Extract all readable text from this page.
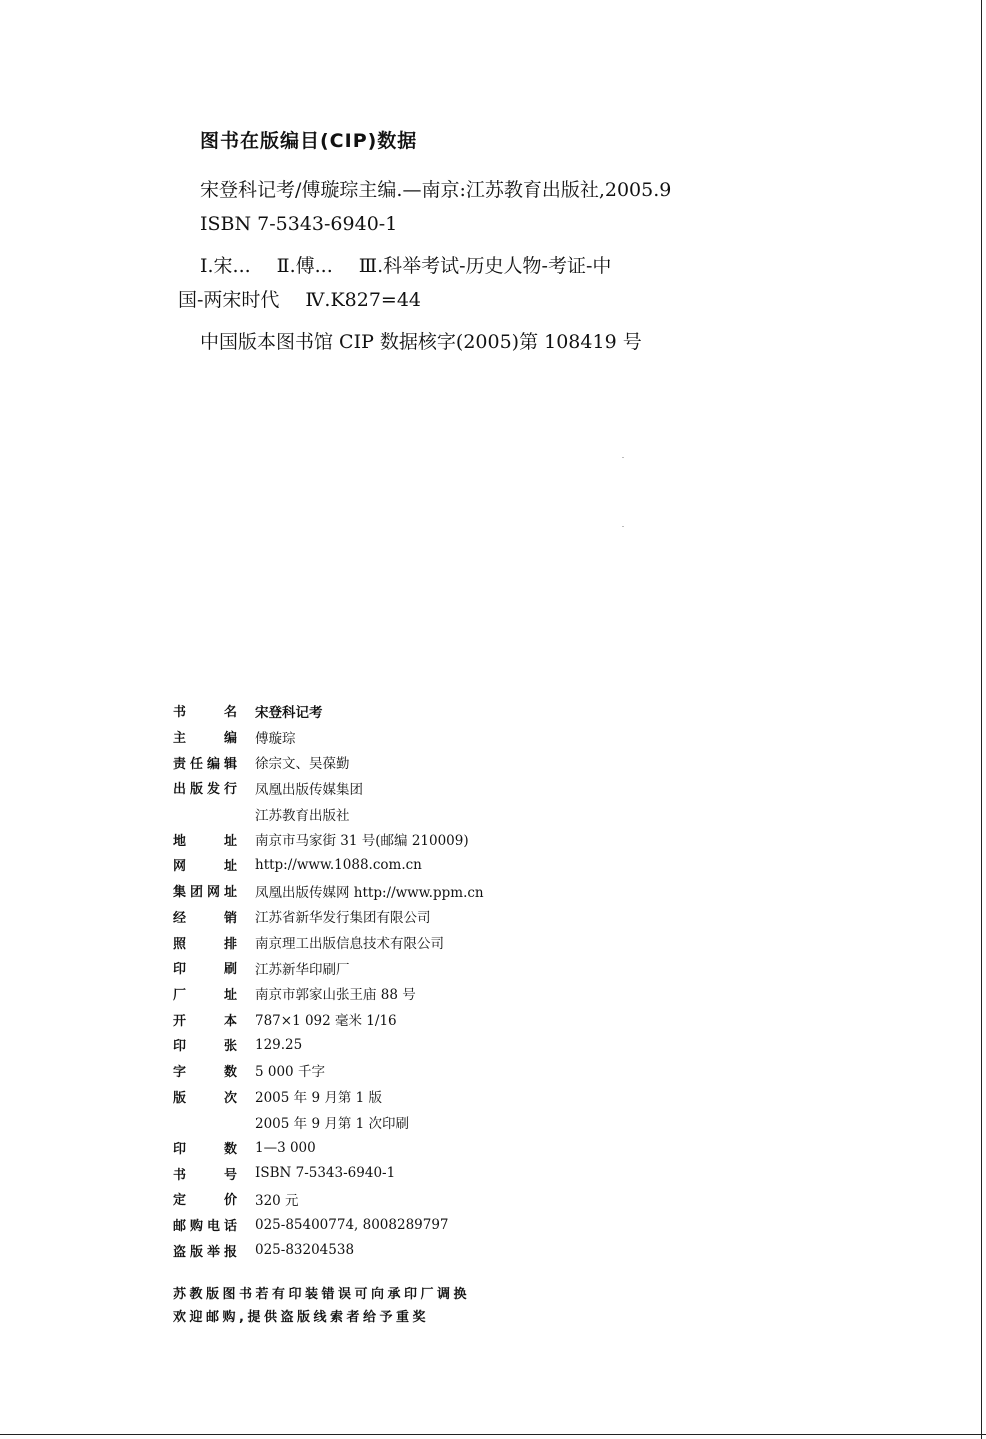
图书在版编目(CIP)数据
宋登科记考/傅璇琮主编.—南京:江苏教育出版社,2005.9
ISBN 7-5343-6940-1
Ⅰ.宋... Ⅱ.傅... Ⅲ.科举考试-历史人物-考证-中
国-两宋时代 Ⅳ.K827=44
中国版本图书馆 CIP 数据核字(2005)第 108419 号
书	名 宋登科记考
主	编 傅璇琮
责 任 编 辑 徐宗文、吴葆勤
出 版 发 行 凤凰出版传媒集团
江苏教育出版社
地	址 南京市马家街 31 号(邮编 210009)
网	址 http://www.1088.com.cn
集 团 网 址 凤凰出版传媒网 http://www.ppm.cn
经	销 江苏省新华发行集团有限公司
照	排 南京理工出版信息技术有限公司
印	刷 江苏新华印刷厂
厂	址 南京市郭家山张王庙 88 号
开	本 787×1 092 毫米 1/16
印	张 129.25
字	数 5 000 千字
版	次 2005 年 9 月第 1 版
2005 年 9 月第 1 次印刷
印	数 1—3 000
书	号 ISBN 7-5343-6940-1
定	价 320 元
邮 购 电 话 025-85400774, 8008289797
盗 版 举 报 025-83204538
苏教版图书若有印装错误可向承印厂调换
欢迎邮购,提供盗版线索者给予重奖
